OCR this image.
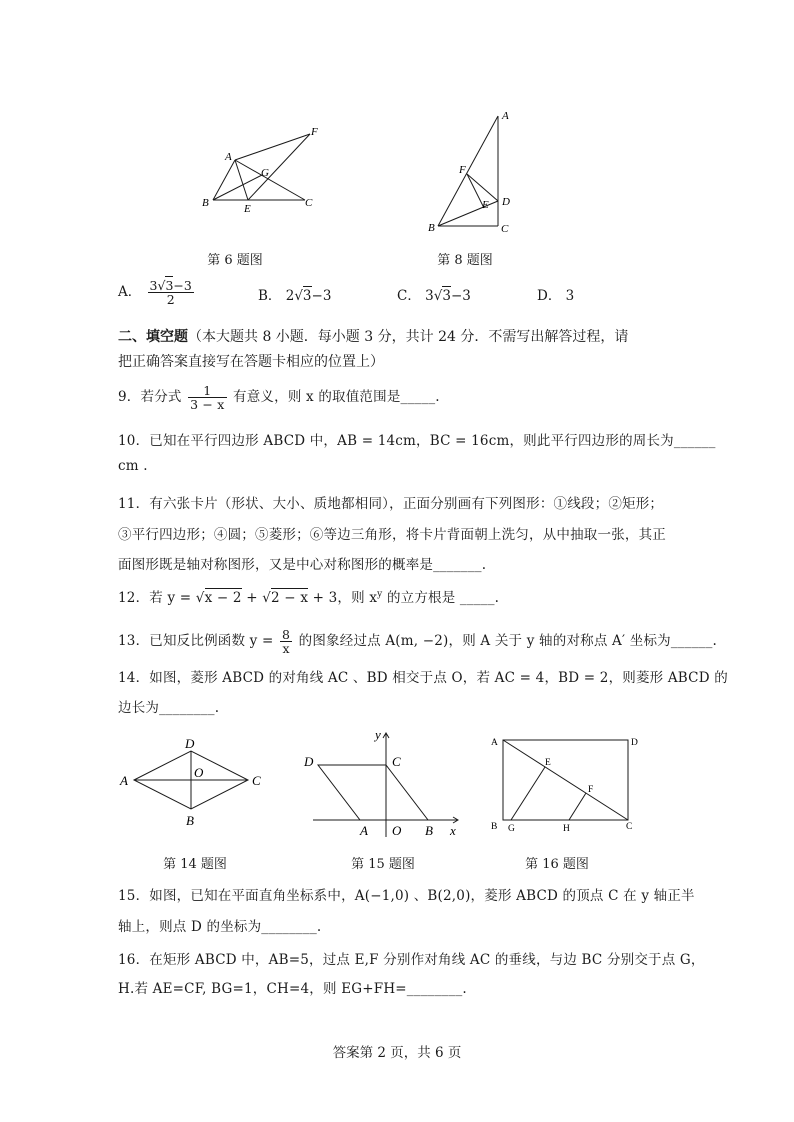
A
B	C
E
F
G
第 6 题图
A
B	C
D
E
F
第 8 题图
A． $\frac{3√3-3}{2}$	B． 2√3−3	C． 3√3−3	D． 3
二、填空题（本大题共 8 小题．每小题 3 分，共计 24 分．不需写出解答过程，请
把正确答案直接写在答题卡相应的位置上）
9．若分式 $\frac{1}{3 - x}$ 有意义，则 x 的取值范围是_____.
10．已知在平行四边形 ABCD 中，AB = 14cm，BC = 16cm，则此平行四边形的周长为______
cm .
11．有六张卡片（形状、大小、质地都相同），正面分别画有下列图形：①线段；②矩形；
③平行四边形；④圆；⑤菱形；⑥等边三角形，将卡片背面朝上洗匀，从中抽取一张，其正
面图形既是轴对称图形，又是中心对称图形的概率是_______.
12．若 y = √x − 2 + √2 − x + 3，则 $x^y$ 的立方根是 _____.
13．已知反比例函数 $y = \frac{8}{x}$ 的图象经过点 A(m, −2)，则 A 关于 y 轴的对称点 A′ 坐标为______.
14．如图，菱形 ABCD 的对角线 AC 、BD 相交于点 O，若 AC = 4，BD = 2，则菱形 ABCD 的
边长为________.
A
B
C
D
O
第 14 题图
D	C
A O B x
y
第 15 题图
A	D
B	C
E
F
G	H
第 16 题图
15．如图，已知在平面直角坐标系中，A(−1,0) 、B(2,0)，菱形 ABCD 的顶点 C 在 y 轴正半
轴上，则点 D 的坐标为________.
16．在矩形 ABCD 中，AB=5，过点 E,F 分别作对角线 AC 的垂线，与边 BC 分别交于点 G，
H.若 AE=CF, BG=1，CH=4，则 EG+FH=________.
答案第 2 页，共 6 页
